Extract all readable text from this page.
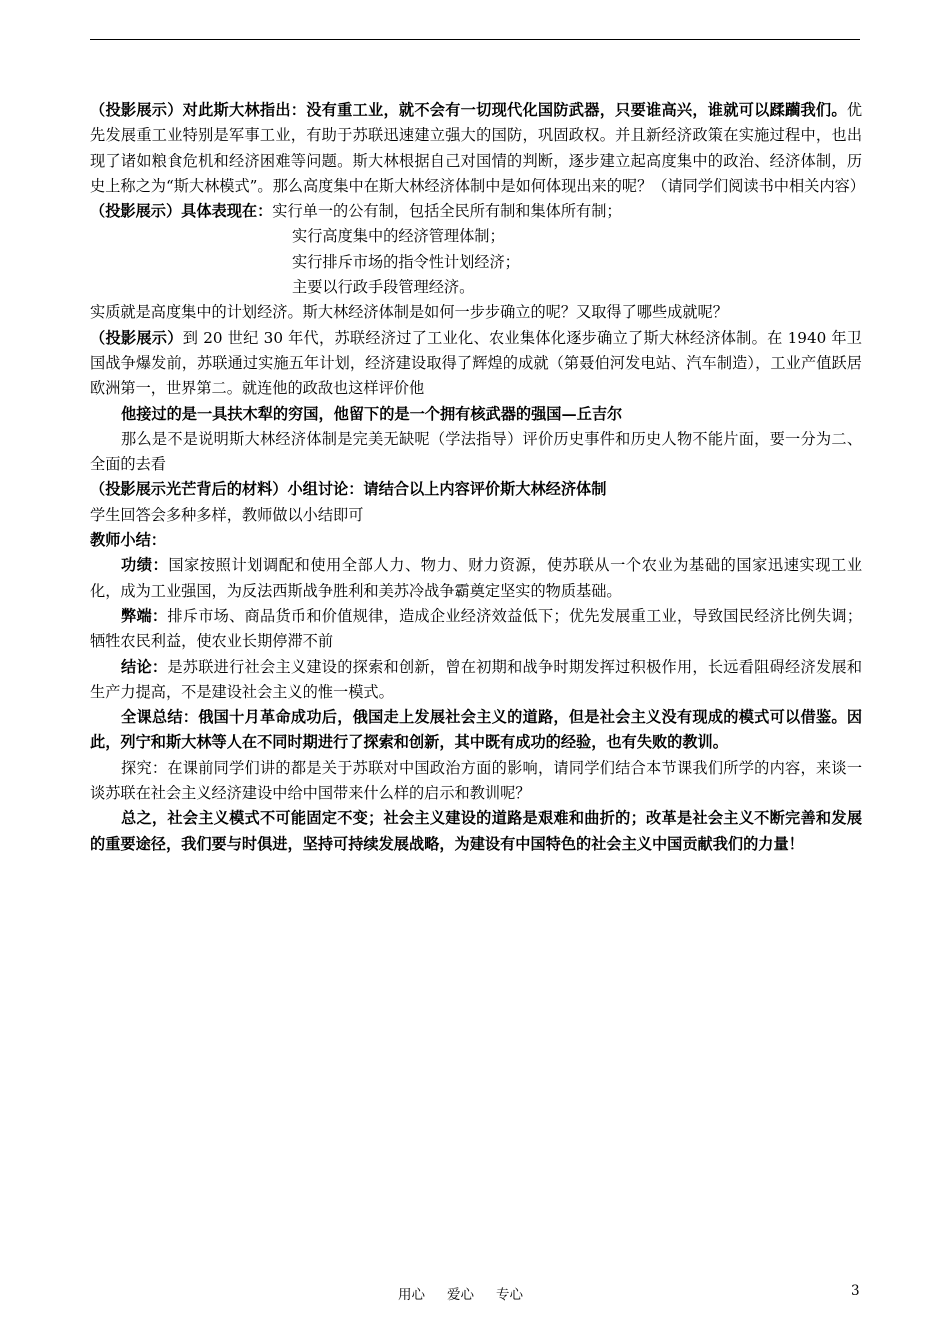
（投影展示）对此斯大林指出：没有重工业，就不会有一切现代化国防武器，只要谁高兴，谁就可以蹂躏我们。优先发展重工业特别是军事工业，有助于苏联迅速建立强大的国防，巩固政权。并且新经济政策在实施过程中，也出现了诸如粮食危机和经济困难等问题。斯大林根据自己对国情的判断，逐步建立起高度集中的政治、经济体制，历史上称之为“斯大林模式”。那么高度集中在斯大林经济体制中是如何体现出来的呢？（请同学们阅读书中相关内容）

（投影展示）具体表现在：实行单一的公有制，包括全民所有制和集体所有制；
实行高度集中的经济管理体制；
实行排斥市场的指令性计划经济；
主要以行政手段管理经济。

实质就是高度集中的计划经济。斯大林经济体制是如何一步步确立的呢？又取得了哪些成就呢？

（投影展示）到 20 世纪 30 年代，苏联经济过了工业化、农业集体化逐步确立了斯大林经济体制。在 1940 年卫国战争爆发前，苏联通过实施五年计划，经济建设取得了辉煌的成就（第聂伯河发电站、汽车制造），工业产值跃居欧洲第一，世界第二。就连他的政敌也这样评价他

他接过的是一具扶木犁的穷国，他留下的是一个拥有核武器的强国—丘吉尔

那么是不是说明斯大林经济体制是完美无缺呢（学法指导）评价历史事件和历史人物不能片面，要一分为二、全面的去看

（投影展示光芒背后的材料）小组讨论：请结合以上内容评价斯大林经济体制

学生回答会多种多样，教师做以小结即可

教师小结：

功绩：国家按照计划调配和使用全部人力、物力、财力资源，使苏联从一个农业为基础的国家迅速实现工业化，成为工业强国，为反法西斯战争胜利和美苏冷战争霸奠定坚实的物质基础。

弊端：排斥市场、商品货币和价值规律，造成企业经济效益低下；优先发展重工业，导致国民经济比例失调；牺牲农民利益，使农业长期停滞不前

结论：是苏联进行社会主义建设的探索和创新，曾在初期和战争时期发挥过积极作用，长远看阻碍经济发展和生产力提高，不是建设社会主义的惟一模式。

全课总结：俄国十月革命成功后，俄国走上发展社会主义的道路，但是社会主义没有现成的模式可以借鉴。因此，列宁和斯大林等人在不同时期进行了探索和创新，其中既有成功的经验，也有失败的教训。

探究：在课前同学们讲的都是关于苏联对中国政治方面的影响，请同学们结合本节课我们所学的内容，来谈一谈苏联在社会主义经济建设中给中国带来什么样的启示和教训呢？

总之，社会主义模式不可能固定不变；社会主义建设的道路是艰难和曲折的；改革是社会主义不断完善和发展的重要途径，我们要与时俱进，坚持可持续发展战略，为建设有中国特色的社会主义中国贡献我们的力量！

用心 爱心 专心	3
